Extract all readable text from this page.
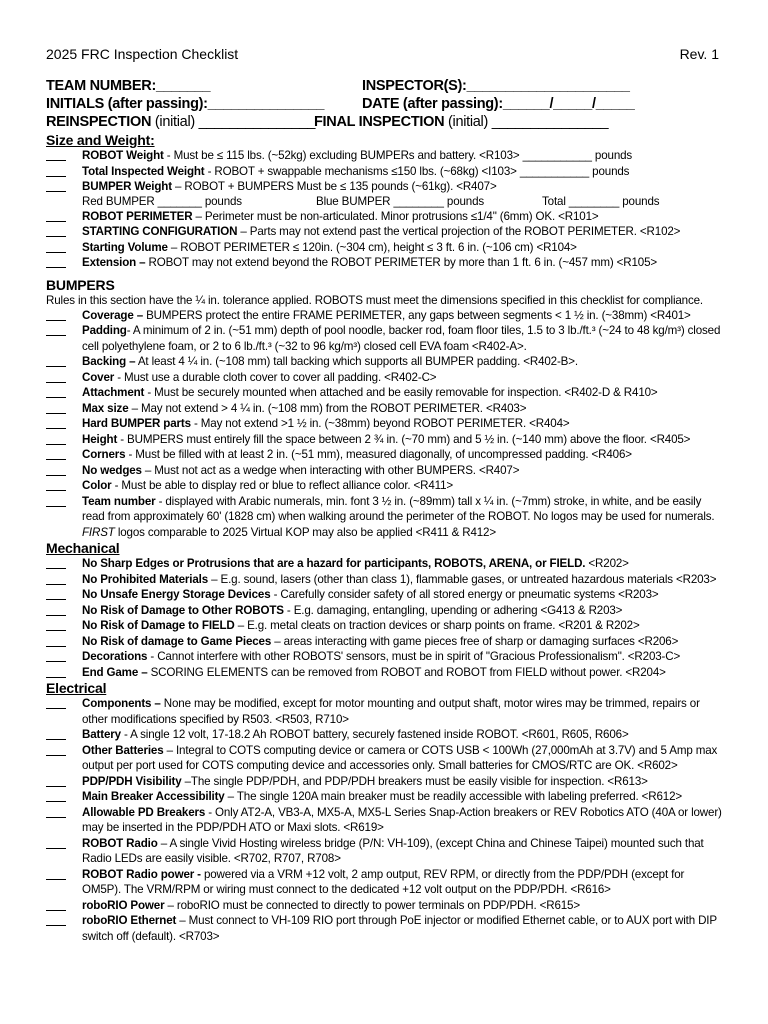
2025 FRC Inspection Checklist	Rev. 1
TEAM NUMBER:_______	INSPECTOR(S):_____________________
INITIALS (after passing):_______________	DATE (after passing):______/_____/_____
REINSPECTION (initial) _______________
FINAL INSPECTION (initial) _______________
Size and Weight:
ROBOT Weight - Must be ≤ 115 lbs. (~52kg) excluding BUMPERs and battery. <R103> ___________ pounds
Total Inspected Weight - ROBOT + swappable mechanisms ≤150 lbs. (~68kg) <I103> ___________ pounds
BUMPER Weight – ROBOT + BUMPERS Must be ≤ 135 pounds (~61kg). <R407>
Red BUMPER _______ pounds	Blue BUMPER ________ pounds	Total ________ pounds
ROBOT PERIMETER – Perimeter must be non-articulated. Minor protrusions ≤1/4" (6mm) OK. <R101>
STARTING CONFIGURATION – Parts may not extend past the vertical projection of the ROBOT PERIMETER. <R102>
Starting Volume – ROBOT PERIMETER ≤ 120in. (~304 cm), height ≤ 3 ft. 6 in. (~106 cm) <R104>
Extension – ROBOT may not extend beyond the ROBOT PERIMETER by more than 1 ft. 6 in. (~457 mm) <R105>
BUMPERS
Rules in this section have the ¼ in. tolerance applied. ROBOTS must meet the dimensions specified in this checklist for compliance.
Coverage – BUMPERS protect the entire FRAME PERIMETER, any gaps between segments < 1 ½ in. (~38mm) <R401>
Padding- A minimum of 2 in. (~51 mm) depth of pool noodle, backer rod, foam floor tiles, 1.5 to 3 lb./ft.³ (~24 to 48 kg/m³) closed cell polyethylene foam, or 2 to 6 lb./ft.³ (~32 to 96 kg/m³) closed cell EVA foam <R402-A>.
Backing – At least 4 ¼ in. (~108 mm) tall backing which supports all BUMPER padding. <R402-B>.
Cover - Must use a durable cloth cover to cover all padding. <R402-C>
Attachment - Must be securely mounted when attached and be easily removable for inspection. <R402-D & R410>
Max size – May not extend > 4 ¼ in. (~108 mm) from the ROBOT PERIMETER. <R403>
Hard BUMPER parts - May not extend >1 ½ in. (~38mm) beyond ROBOT PERIMETER. <R404>
Height - BUMPERS must entirely fill the space between 2 ¾ in. (~70 mm) and 5 ½ in. (~140 mm) above the floor. <R405>
Corners - Must be filled with at least 2 in. (~51 mm), measured diagonally, of uncompressed padding. <R406>
No wedges – Must not act as a wedge when interacting with other BUMPERS. <R407>
Color - Must be able to display red or blue to reflect alliance color. <R411>
Team number - displayed with Arabic numerals, min. font 3 ½ in. (~89mm) tall x ¼ in. (~7mm) stroke, in white, and be easily read from approximately 60' (1828 cm) when walking around the perimeter of the ROBOT. No logos may be used for numerals. FIRST logos comparable to 2025 Virtual KOP may also be applied <R411 & R412>
Mechanical
No Sharp Edges or Protrusions that are a hazard for participants, ROBOTS, ARENA, or FIELD. <R202>
No Prohibited Materials – E.g. sound, lasers (other than class 1), flammable gases, or untreated hazardous materials <R203>
No Unsafe Energy Storage Devices - Carefully consider safety of all stored energy or pneumatic systems <R203>
No Risk of Damage to Other ROBOTS - E.g. damaging, entangling, upending or adhering <G413 & R203>
No Risk of Damage to FIELD – E.g. metal cleats on traction devices or sharp points on frame. <R201 & R202>
No Risk of damage to Game Pieces – areas interacting with game pieces free of sharp or damaging surfaces <R206>
Decorations - Cannot interfere with other ROBOTS' sensors, must be in spirit of "Gracious Professionalism". <R203-C>
End Game – SCORING ELEMENTS can be removed from ROBOT and ROBOT from FIELD without power. <R204>
Electrical
Components – None may be modified, except for motor mounting and output shaft, motor wires may be trimmed, repairs or other modifications specified by R503. <R503, R710>
Battery - A single 12 volt, 17-18.2 Ah ROBOT battery, securely fastened inside ROBOT. <R601, R605, R606>
Other Batteries – Integral to COTS computing device or camera or COTS USB < 100Wh (27,000mAh at 3.7V) and 5 Amp max output per port used for COTS computing device and accessories only. Small batteries for CMOS/RTC are OK. <R602>
PDP/PDH Visibility –The single PDP/PDH, and PDP/PDH breakers must be easily visible for inspection. <R613>
Main Breaker Accessibility – The single 120A main breaker must be readily accessible with labeling preferred. <R612>
Allowable PD Breakers - Only AT2-A, VB3-A, MX5-A, MX5-L Series Snap-Action breakers or REV Robotics ATO (40A or lower) may be inserted in the PDP/PDH ATO or Maxi slots. <R619>
ROBOT Radio – A single Vivid Hosting wireless bridge (P/N: VH-109), (except China and Chinese Taipei) mounted such that Radio LEDs are easily visible. <R702, R707, R708>
ROBOT Radio power - powered via a VRM +12 volt, 2 amp output, REV RPM, or directly from the PDP/PDH (except for OM5P). The VRM/RPM or wiring must connect to the dedicated +12 volt output on the PDP/PDH. <R616>
roboRIO Power – roboRIO must be connected to directly to power terminals on PDP/PDH. <R615>
roboRIO Ethernet – Must connect to VH-109 RIO port through PoE injector or modified Ethernet cable, or to AUX port with DIP switch off (default). <R703>
